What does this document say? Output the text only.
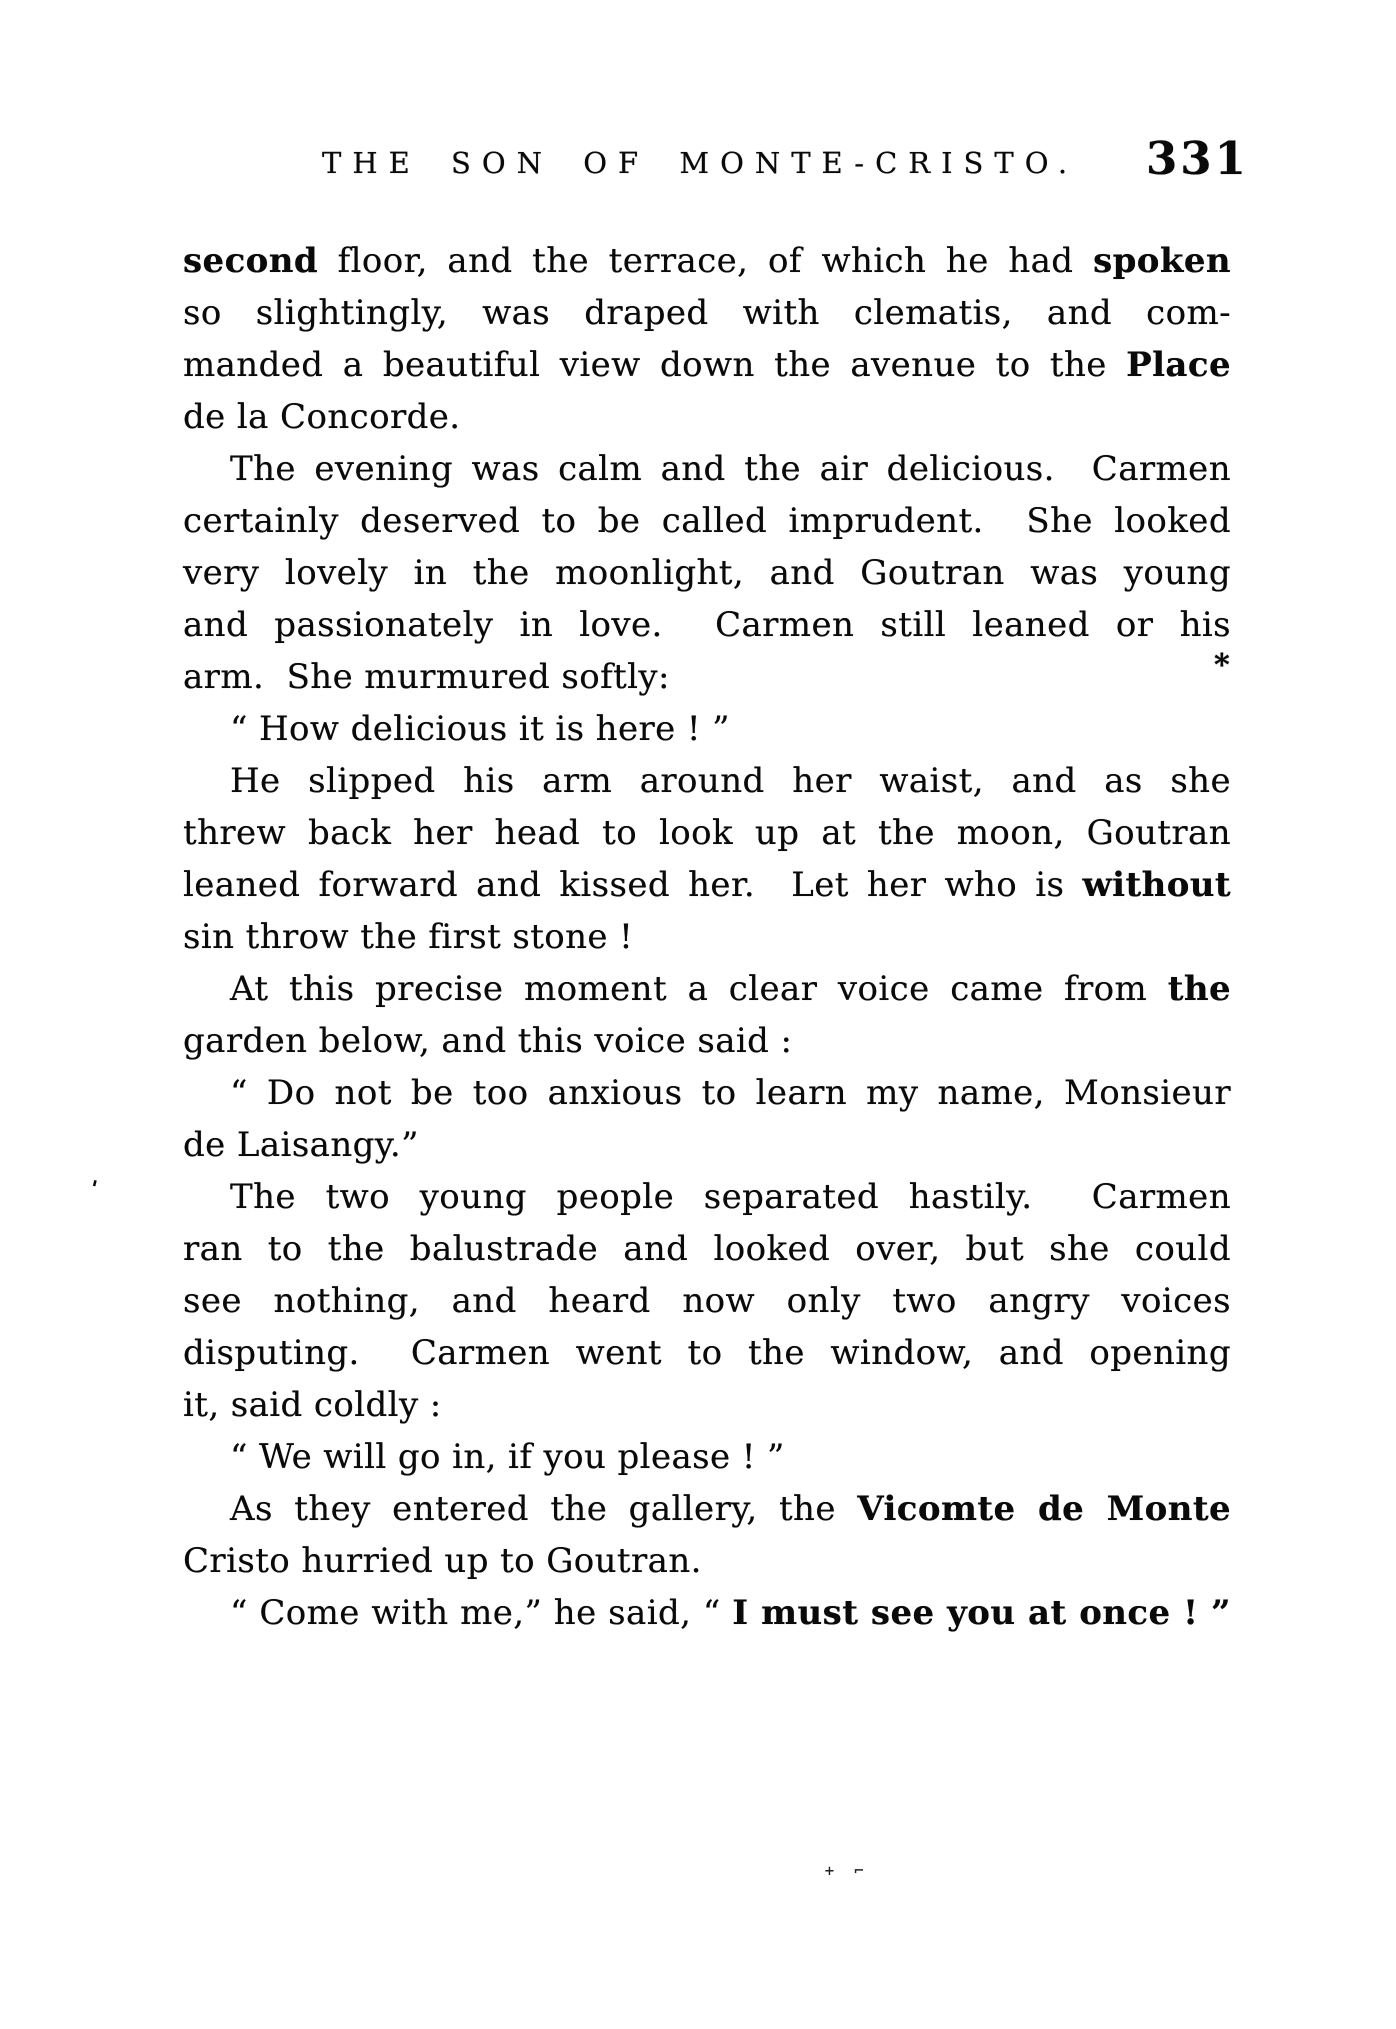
THE SON OF MONTE-CRISTO. 331
second floor, and the terrace, of which he had spoken
so slightingly, was draped with clematis, and com-
manded a beautiful view down the avenue to the Place
de la Concorde.
The evening was calm and the air delicious.  Carmen
certainly deserved to be called imprudent.  She looked
very lovely in the moonlight, and Goutran was young
and passionately in love.  Carmen still leaned or his
arm.  She murmured softly:
“ How delicious it is here ! ”
He slipped his arm around her waist, and as she
threw back her head to look up at the moon, Goutran
leaned forward and kissed her.  Let her who is without
sin throw the first stone !
At this precise moment a clear voice came from the
garden below, and this voice said :
“ Do not be too anxious to learn my name, Monsieur
de Laisangy.”
The two young people separated hastily.  Carmen
ran to the balustrade and looked over, but she could
see nothing, and heard now only two angry voices
disputing.  Carmen went to the window, and opening
it, said coldly :
“ We will go in, if you please ! ”
As they entered the gallery, the Vicomte de Monte
Cristo hurried up to Goutran.
“ Come with me,” he said, “ I must see you at once ! ”
*
'
+ ⌐
